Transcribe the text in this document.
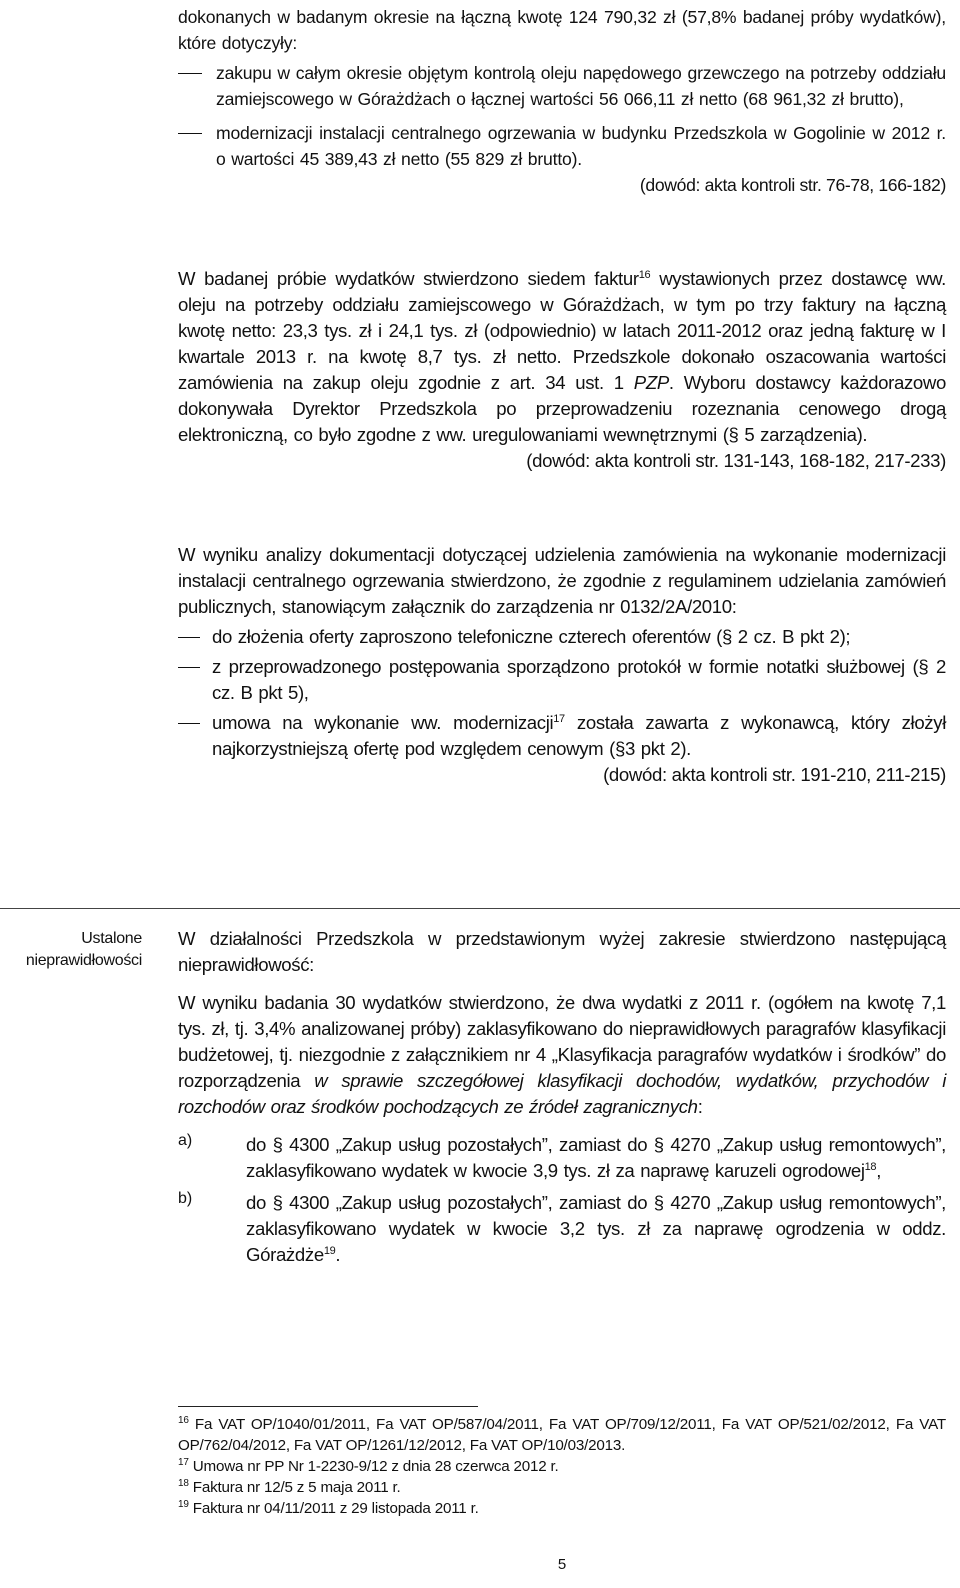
dokonanych w badanym okresie na łączną kwotę 124 790,32 zł (57,8% badanej próby wydatków), które dotyczyły:

zakupu w całym okresie objętym kontrolą oleju napędowego grzewczego na potrzeby oddziału zamiejscowego w Górażdżach o łącznej wartości 56 066,11 zł netto (68 961,32 zł brutto),

modernizacji instalacji centralnego ogrzewania w budynku Przedszkola w Gogolinie w 2012 r. o wartości 45 389,43 zł netto (55 829 zł brutto).

(dowód: akta kontroli str. 76-78, 166-182)

W badanej próbie wydatków stwierdzono siedem faktur$^{16}$ wystawionych przez dostawcę ww. oleju na potrzeby oddziału zamiejscowego w Górażdżach, w tym po trzy faktury na łączną kwotę netto: 23,3 tys. zł i 24,1 tys. zł (odpowiednio) w latach 2011-2012 oraz jedną fakturę w I kwartale 2013 r. na kwotę 8,7 tys. zł netto. Przedszkole dokonało oszacowania wartości zamówienia na zakup oleju zgodnie z art. 34 ust. 1 PZP. Wyboru dostawcy każdorazowo dokonywała Dyrektor Przedszkola po przeprowadzeniu rozeznania cenowego drogą elektroniczną, co było zgodne z ww. uregulowaniami wewnętrznymi (§ 5 zarządzenia).

(dowód: akta kontroli str. 131-143, 168-182, 217-233)

W wyniku analizy dokumentacji dotyczącej udzielenia zamówienia na wykonanie modernizacji instalacji centralnego ogrzewania stwierdzono, że zgodnie z regulaminem udzielania zamówień publicznych, stanowiącym załącznik do zarządzenia nr 0132/2A/2010:

do złożenia oferty zaproszono telefoniczne czterech oferentów (§ 2 cz. B pkt 2);

z przeprowadzonego postępowania sporządzono protokół w formie notatki służbowej (§ 2 cz. B pkt 5),

umowa na wykonanie ww. modernizacji$^{17}$ została zawarta z wykonawcą, który złożył najkorzystniejszą ofertę pod względem cenowym (§3 pkt 2).

(dowód: akta kontroli str. 191-210, 211-215)

Ustalone
nieprawidłowości

W działalności Przedszkola w przedstawionym wyżej zakresie stwierdzono następującą nieprawidłowość:

W wyniku badania 30 wydatków stwierdzono, że dwa wydatki z 2011 r. (ogółem na kwotę 7,1 tys. zł, tj. 3,4% analizowanej próby) zaklasyfikowano do nieprawidłowych paragrafów klasyfikacji budżetowej, tj. niezgodnie z załącznikiem nr 4 „Klasyfikacja paragrafów wydatków i środków” do rozporządzenia w sprawie szczegółowej klasyfikacji dochodów, wydatków, przychodów i rozchodów oraz środków pochodzących ze źródeł zagranicznych:

a)	do § 4300 „Zakup usług pozostałych”, zamiast do § 4270 „Zakup usług remontowych”, zaklasyfikowano wydatek w kwocie 3,9 tys. zł za naprawę karuzeli ogrodowej$^{18}$,

b)	do § 4300 „Zakup usług pozostałych”, zamiast do § 4270 „Zakup usług remontowych”, zaklasyfikowano wydatek w kwocie 3,2 tys. zł za naprawę ogrodzenia w oddz. Górażdże$^{19}$.

$^{16}$ Fa VAT OP/1040/01/2011, Fa VAT OP/587/04/2011, Fa VAT OP/709/12/2011, Fa VAT OP/521/02/2012, Fa VAT OP/762/04/2012, Fa VAT OP/1261/12/2012, Fa VAT OP/10/03/2013.

$^{17}$ Umowa nr PP Nr 1-2230-9/12 z dnia 28 czerwca 2012 r.

$^{18}$ Faktura nr 12/5 z 5 maja 2011 r.

$^{19}$ Faktura nr 04/11/2011 z 29 listopada 2011 r.

5
